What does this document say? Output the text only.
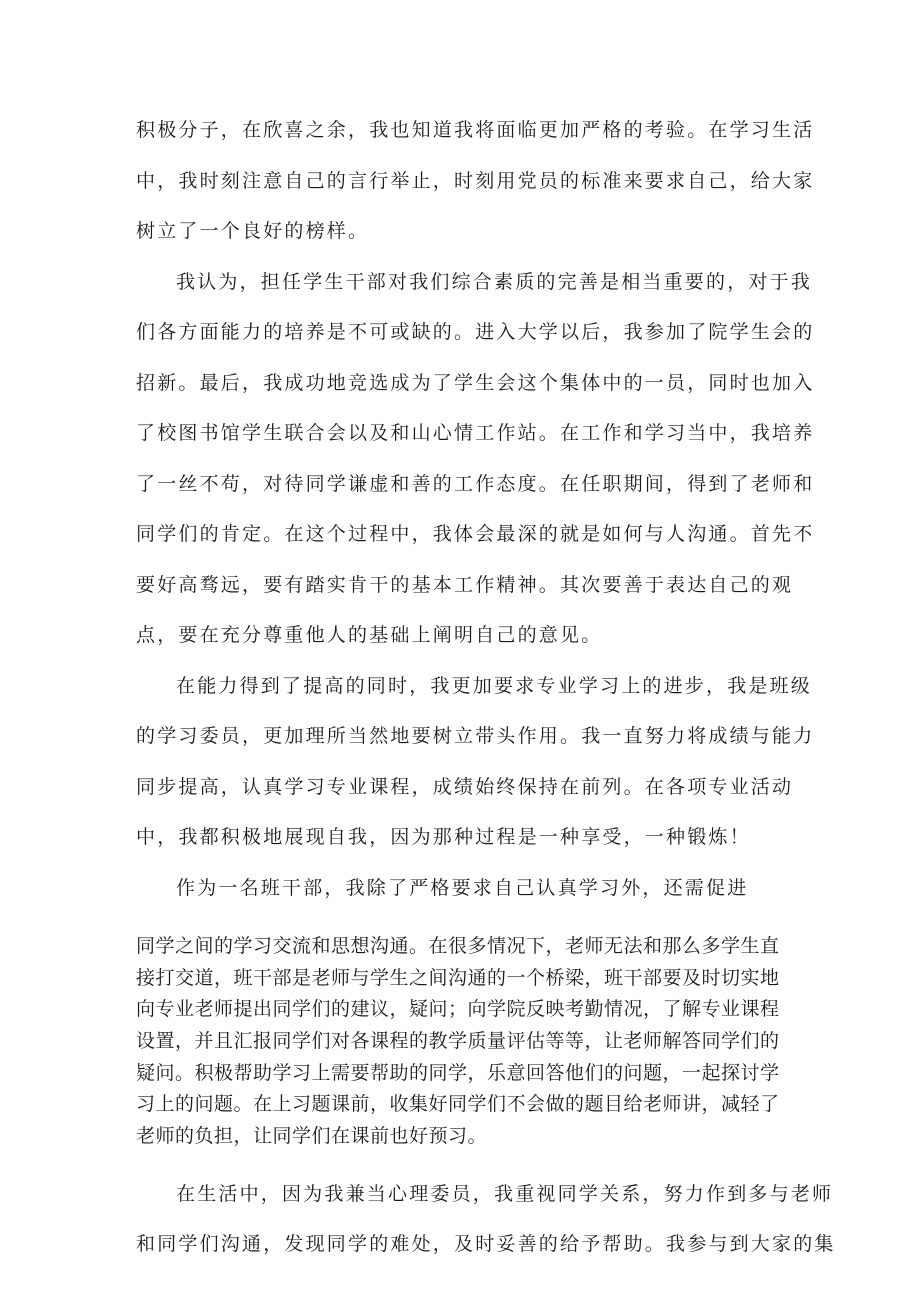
积极分子，在欣喜之余，我也知道我将面临更加严格的考验。在学习生活
中，我时刻注意自己的言行举止，时刻用党员的标准来要求自己，给大家
树立了一个良好的榜样。
我认为，担任学生干部对我们综合素质的完善是相当重要的，对于我
们各方面能力的培养是不可或缺的。进入大学以后，我参加了院学生会的
招新。最后，我成功地竞选成为了学生会这个集体中的一员，同时也加入
了校图书馆学生联合会以及和山心情工作站。在工作和学习当中，我培养
了一丝不苟，对待同学谦虚和善的工作态度。在任职期间，得到了老师和
同学们的肯定。在这个过程中，我体会最深的就是如何与人沟通。首先不
要好高骛远，要有踏实肯干的基本工作精神。其次要善于表达自己的观
点，要在充分尊重他人的基础上阐明自己的意见。
在能力得到了提高的同时，我更加要求专业学习上的进步，我是班级
的学习委员，更加理所当然地要树立带头作用。我一直努力将成绩与能力
同步提高，认真学习专业课程，成绩始终保持在前列。在各项专业活动
中，我都积极地展现自我，因为那种过程是一种享受，一种锻炼！
作为一名班干部，我除了严格要求自己认真学习外，还需促进
同学之间的学习交流和思想沟通。在很多情况下，老师无法和那么多学生直
接打交道，班干部是老师与学生之间沟通的一个桥梁，班干部要及时切实地
向专业老师提出同学们的建议，疑问；向学院反映考勤情况，了解专业课程
设置，并且汇报同学们对各课程的教学质量评估等等，让老师解答同学们的
疑问。积极帮助学习上需要帮助的同学，乐意回答他们的问题，一起探讨学
习上的问题。在上习题课前，收集好同学们不会做的题目给老师讲，减轻了
老师的负担，让同学们在课前也好预习。
在生活中，因为我兼当心理委员，我重视同学关系，努力作到多与老师
和同学们沟通，发现同学的难处，及时妥善的给予帮助。我参与到大家的集
